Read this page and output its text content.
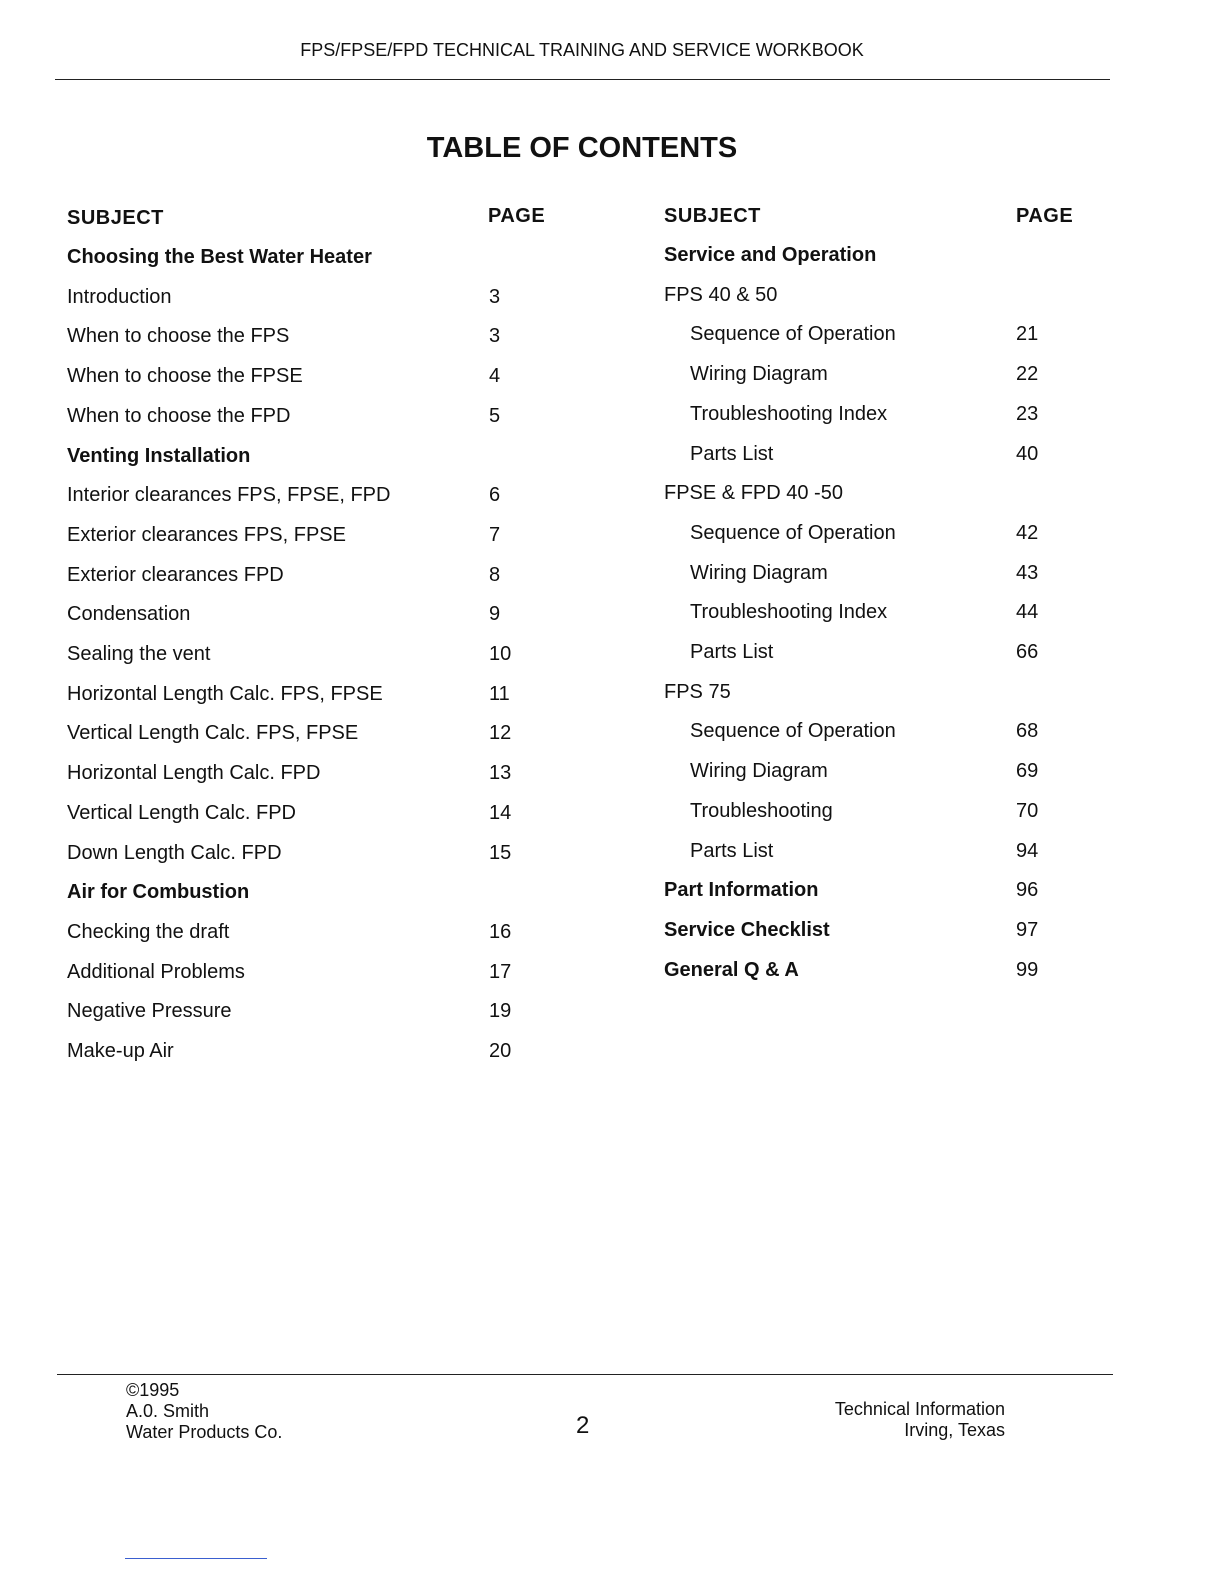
FPS/FPSE/FPD TECHNICAL TRAINING AND SERVICE WORKBOOK
TABLE OF CONTENTS
SUBJECT	PAGE	SUBJECT	PAGE
Choosing the Best Water Heater
Introduction	3
When to choose the FPS	3
When to choose the FPSE	4
When to choose the FPD	5
Venting Installation
Interior clearances FPS, FPSE, FPD	6
Exterior clearances FPS, FPSE	7
Exterior clearances FPD	8
Condensation	9
Sealing the vent	10
Horizontal Length Calc. FPS, FPSE	11
Vertical Length Calc. FPS, FPSE	12
Horizontal Length Calc. FPD	13
Vertical Length Calc. FPD	14
Down Length Calc. FPD	15
Air for Combustion
Checking the draft	16
Additional Problems	17
Negative Pressure	19
Make-up Air	20
Service and Operation
FPS 40 & 50
Sequence of Operation	21
Wiring Diagram	22
Troubleshooting Index	23
Parts List	40
FPSE & FPD 40 -50
Sequence of Operation	42
Wiring Diagram	43
Troubleshooting Index	44
Parts List	66
FPS 75
Sequence of Operation	68
Wiring Diagram	69
Troubleshooting	70
Parts List	94
Part Information	96
Service Checklist	97
General Q & A	99
©1995
A.0. Smith
Water Products Co.	2
Technical Information
Irving, Texas
